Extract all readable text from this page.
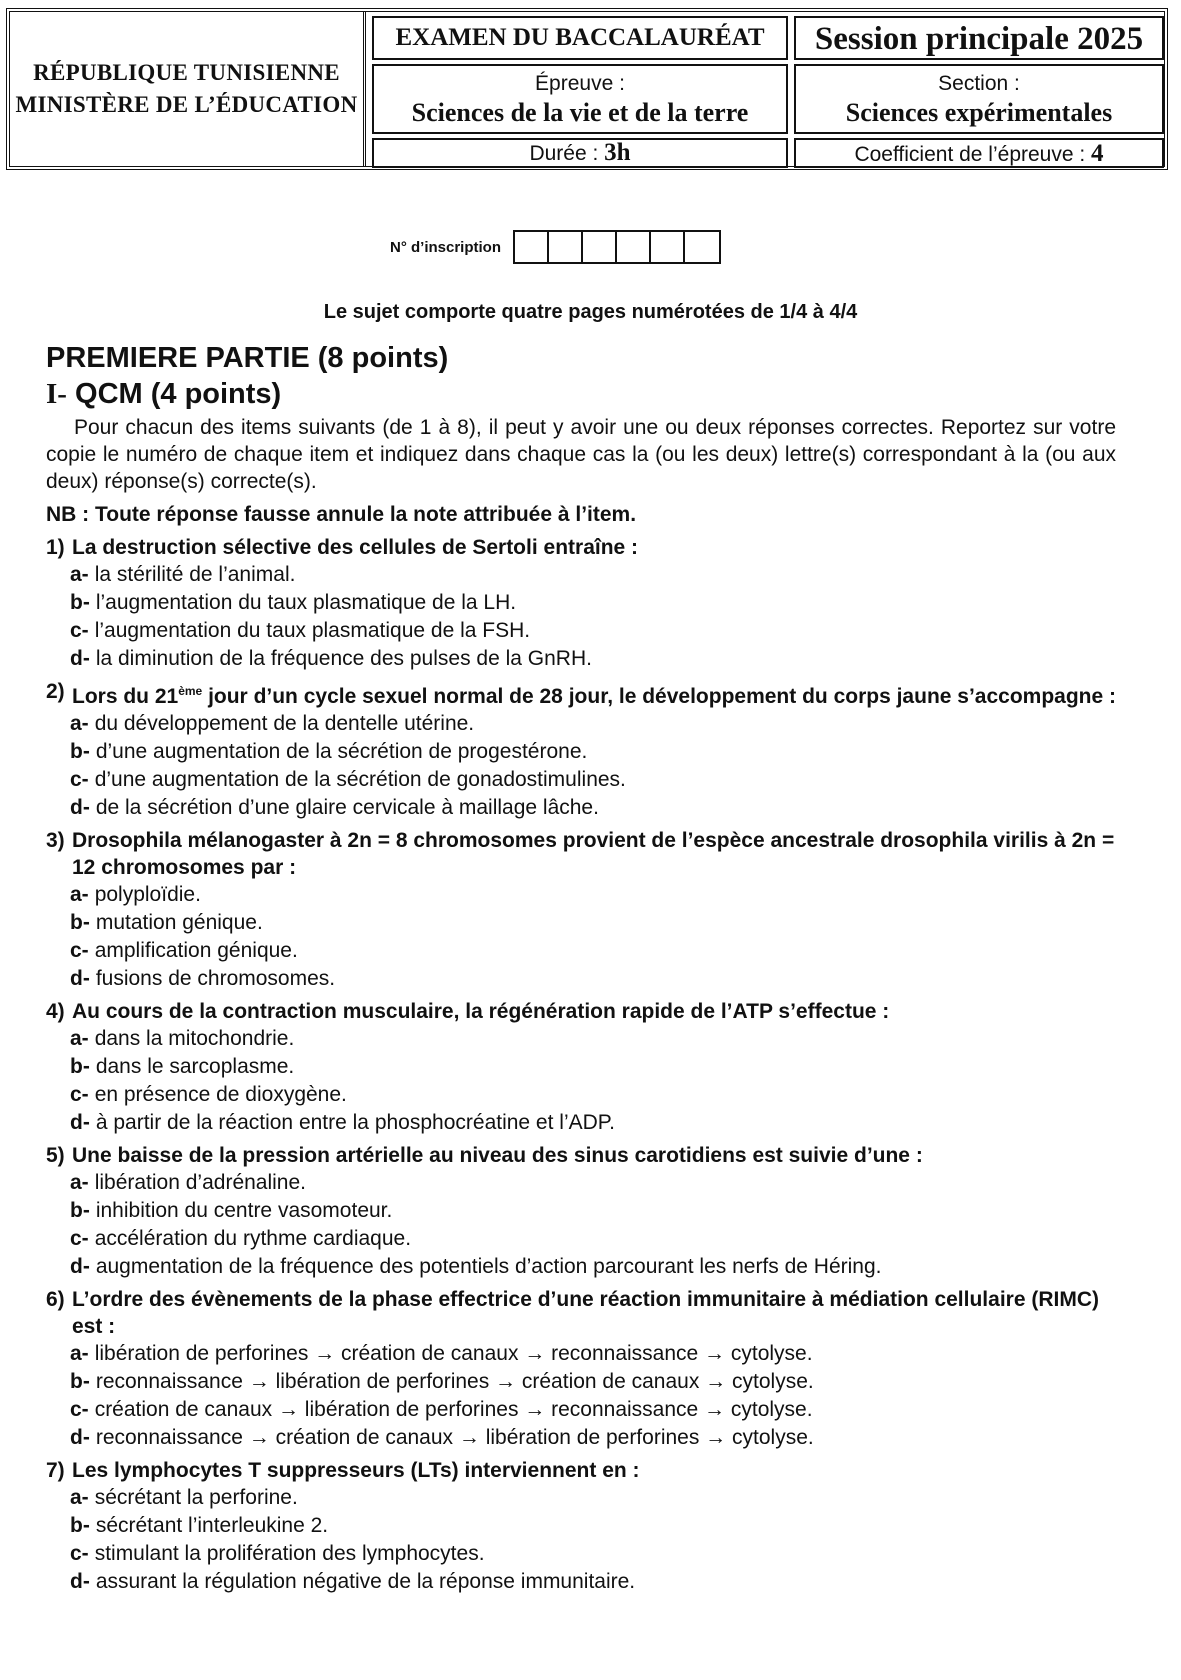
RÉPUBLIQUE TUNISIENNE
MINISTÈRE DE L’ÉDUCATION
EXAMEN DU BACCALAURÉAT	Session principale 2025
Épreuve :
Sciences de la vie et de la terre
Section :
Sciences expérimentales
Durée : 3h	Coefficient de l’épreuve : 4
N° d’inscription
Le sujet comporte quatre pages numérotées de 1/4 à 4/4
PREMIERE PARTIE (8 points)
I- QCM (4 points)
Pour chacun des items suivants (de 1 à 8), il peut y avoir une ou deux réponses correctes. Reportez sur votre copie le numéro de chaque item et indiquez dans chaque cas la (ou les deux) lettre(s) correspondant à la (ou aux deux) réponse(s) correcte(s).
NB : Toute réponse fausse annule la note attribuée à l’item.
1) La destruction sélective des cellules de Sertoli entraîne :
a- la stérilité de l’animal.
b- l’augmentation du taux plasmatique de la LH.
c- l’augmentation du taux plasmatique de la FSH.
d- la diminution de la fréquence des pulses de la GnRH.
2) Lors du 21ème jour d’un cycle sexuel normal de 28 jour, le développement du corps jaune s’accompagne :
a- du développement de la dentelle utérine.
b- d’une augmentation de la sécrétion de progestérone.
c- d’une augmentation de la sécrétion de gonadostimulines.
d- de la sécrétion d’une glaire cervicale à maillage lâche.
3) Drosophila mélanogaster à 2n = 8 chromosomes provient de l’espèce ancestrale drosophila virilis à 2n = 12 chromosomes par :
a- polyploïdie.
b- mutation génique.
c- amplification génique.
d- fusions de chromosomes.
4) Au cours de la contraction musculaire, la régénération rapide de l’ATP s’effectue :
a- dans la mitochondrie.
b- dans le sarcoplasme.
c- en présence de dioxygène.
d- à partir de la réaction entre la phosphocréatine et l’ADP.
5) Une baisse de la pression artérielle au niveau des sinus carotidiens est suivie d’une :
a- libération d’adrénaline.
b- inhibition du centre vasomoteur.
c- accélération du rythme cardiaque.
d- augmentation de la fréquence des potentiels d’action parcourant les nerfs de Héring.
6) L’ordre des évènements de la phase effectrice d’une réaction immunitaire à médiation cellulaire (RIMC) est :
a- libération de perforines → création de canaux → reconnaissance → cytolyse.
b- reconnaissance → libération de perforines → création de canaux → cytolyse.
c- création de canaux → libération de perforines → reconnaissance → cytolyse.
d- reconnaissance → création de canaux → libération de perforines → cytolyse.
7) Les lymphocytes T suppresseurs (LTs) interviennent en :
a- sécrétant la perforine.
b- sécrétant l’interleukine 2.
c- stimulant la prolifération des lymphocytes.
d- assurant la régulation négative de la réponse immunitaire.
